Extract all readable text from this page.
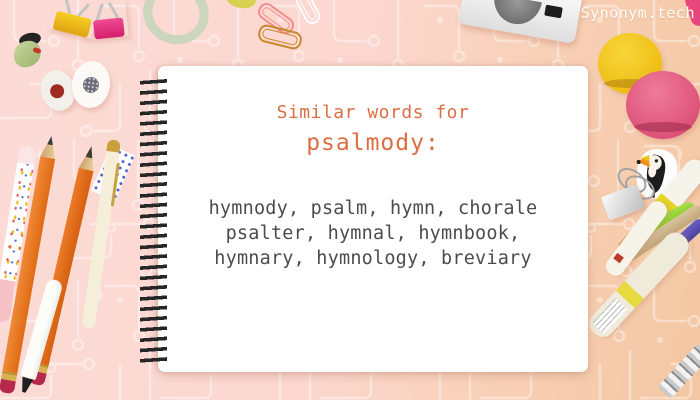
Similar words for
psalmody:
hymnody, psalm, hymn, chorale
psalter, hymnal, hymnbook,
hymnary, hymnology, breviary
Synonym.tech
